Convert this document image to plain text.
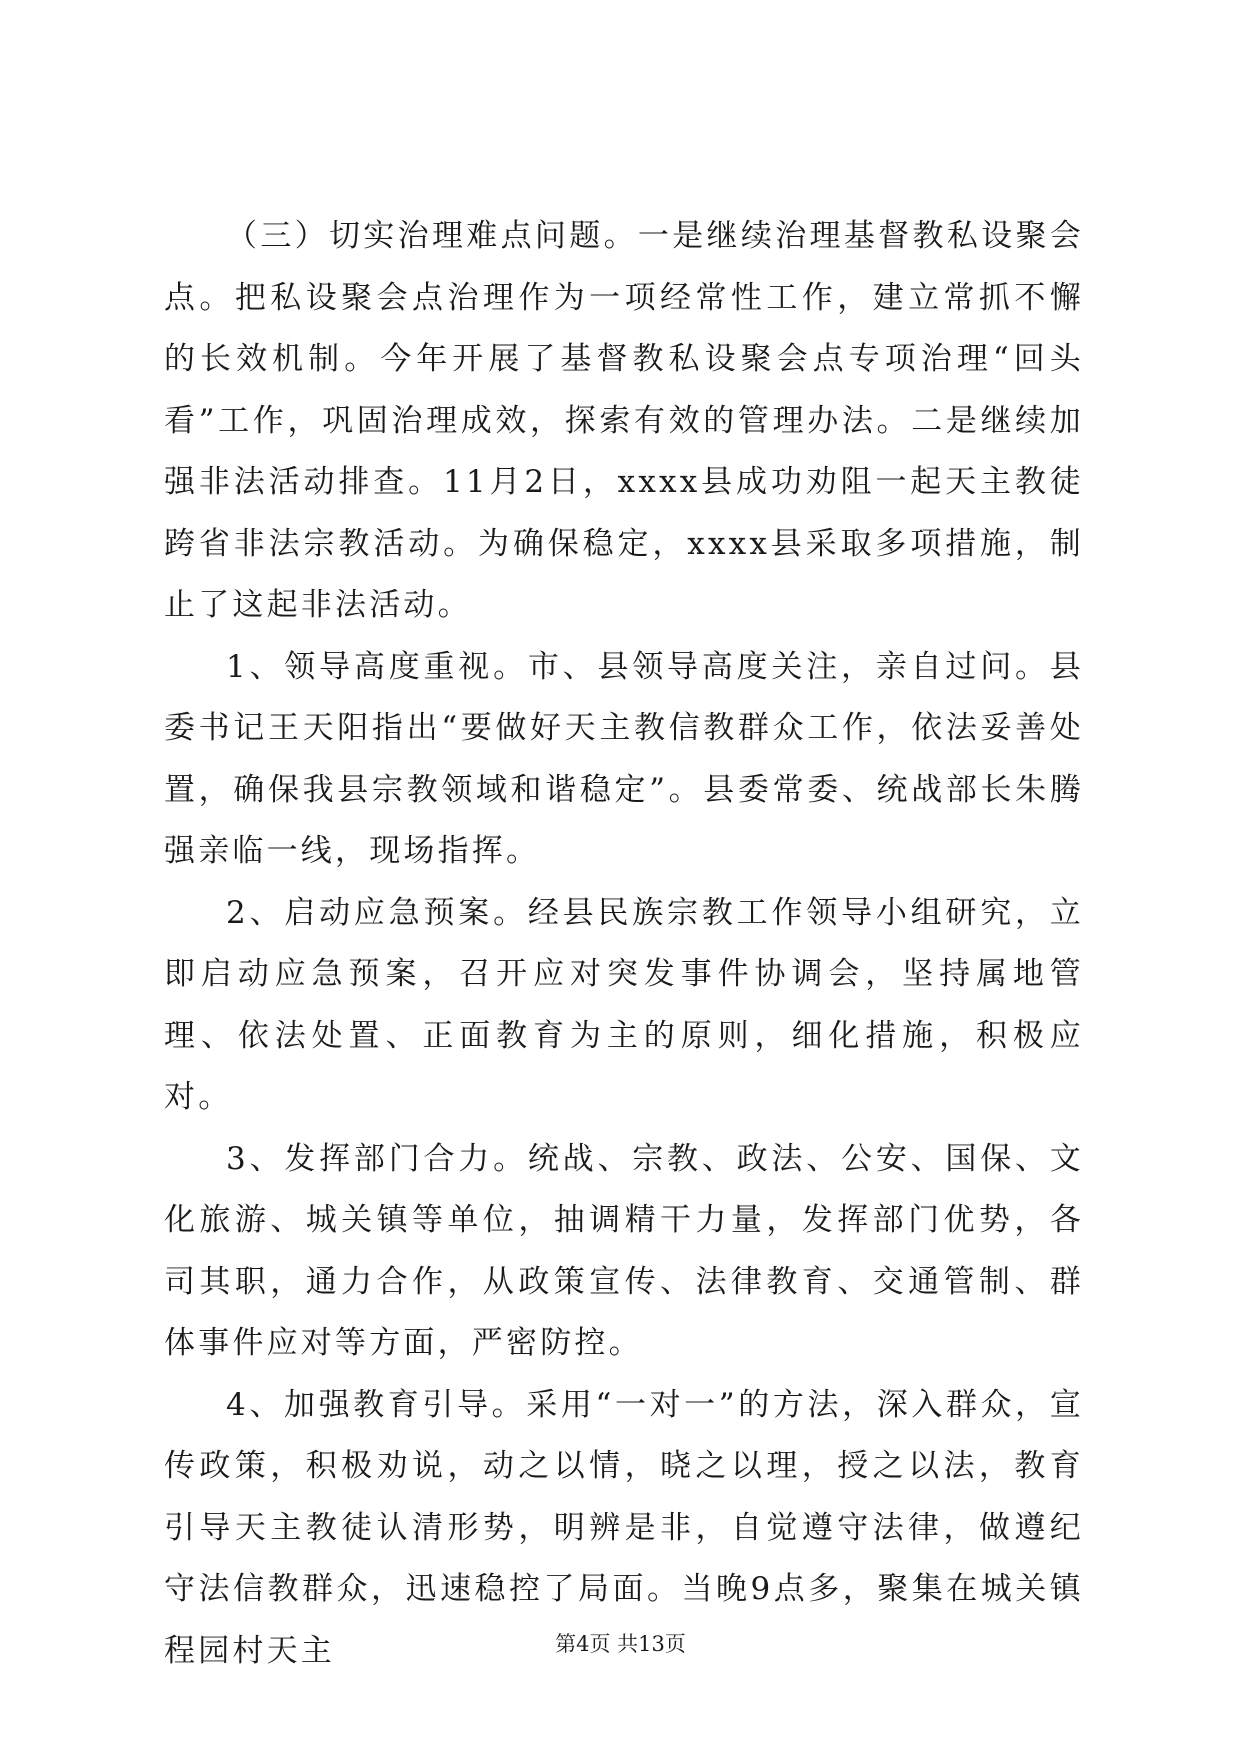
（三）切实治理难点问题。一是继续治理基督教私设聚会点。把私设聚会点治理作为一项经常性工作，建立常抓不懈的长效机制。今年开展了基督教私设聚会点专项治理“回头看”工作，巩固治理成效，探索有效的管理办法。二是继续加强非法活动排查。11月2日，xxxx县成功劝阻一起天主教徒跨省非法宗教活动。为确保稳定，xxxx县采取多项措施，制止了这起非法活动。

1、领导高度重视。市、县领导高度关注，亲自过问。县委书记王天阳指出“要做好天主教信教群众工作，依法妥善处置，确保我县宗教领域和谐稳定”。县委常委、统战部长朱腾强亲临一线，现场指挥。

2、启动应急预案。经县民族宗教工作领导小组研究，立即启动应急预案，召开应对突发事件协调会，坚持属地管理、依法处置、正面教育为主的原则，细化措施，积极应对。

3、发挥部门合力。统战、宗教、政法、公安、国保、文化旅游、城关镇等单位，抽调精干力量，发挥部门优势，各司其职，通力合作，从政策宣传、法律教育、交通管制、群体事件应对等方面，严密防控。

4、加强教育引导。采用“一对一”的方法，深入群众，宣传政策，积极劝说，动之以情，晓之以理，授之以法，教育引导天主教徒认清形势，明辨是非，自觉遵守法律，做遵纪守法信教群众，迅速稳控了局面。当晚9点多，聚集在城关镇程园村天主	第4页 共13页
